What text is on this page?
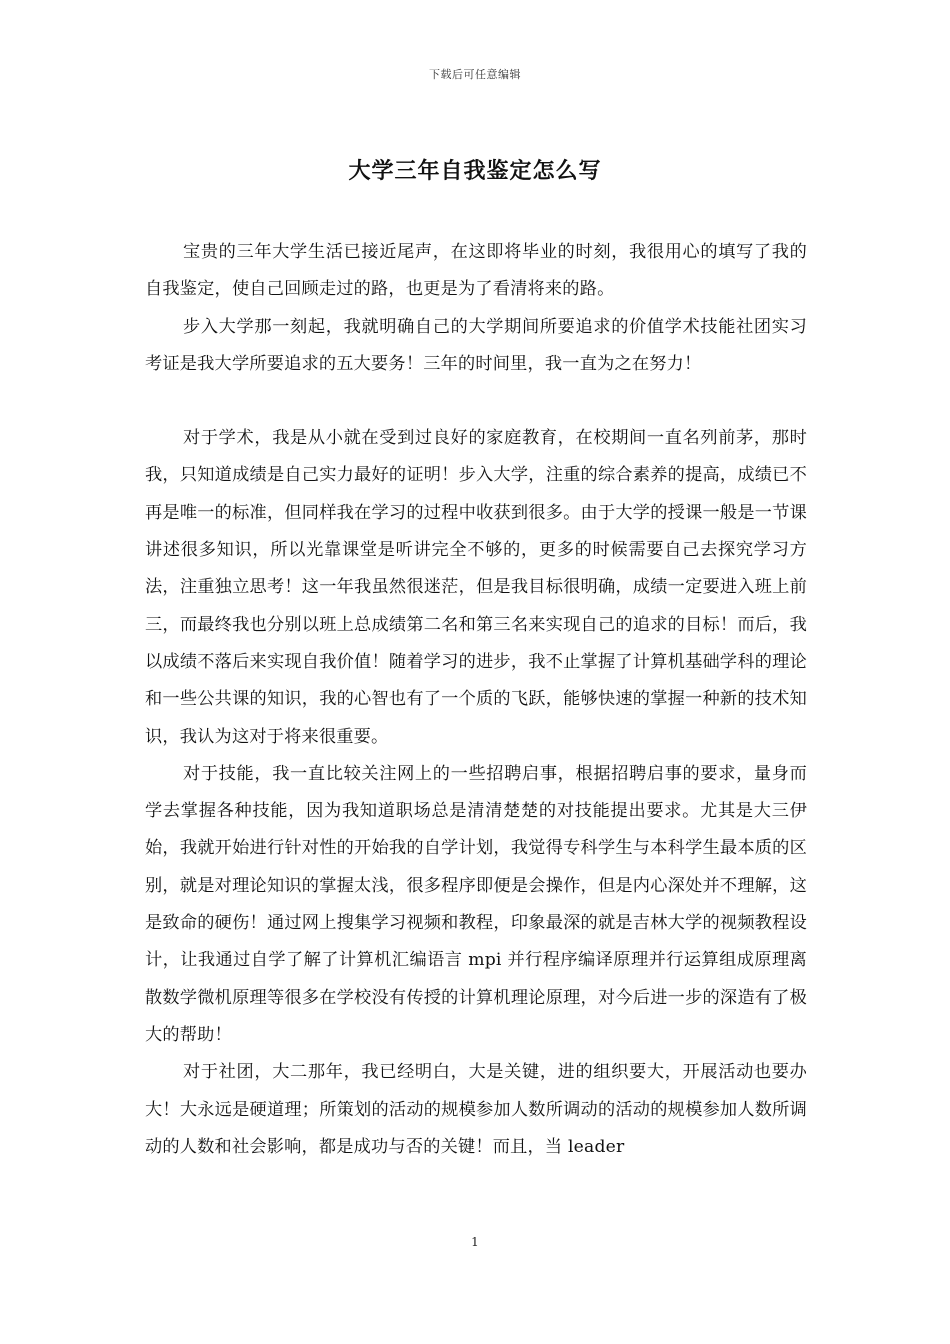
下载后可任意编辑
大学三年自我鉴定怎么写

宝贵的三年大学生活已接近尾声，在这即将毕业的时刻，我很用心的填写了我的自我鉴定，使自己回顾走过的路，也更是为了看清将来的路。

步入大学那一刻起，我就明确自己的大学期间所要追求的价值学术技能社团实习考证是我大学所要追求的五大要务！三年的时间里，我一直为之在努力！

对于学术，我是从小就在受到过良好的家庭教育，在校期间一直名列前茅，那时我，只知道成绩是自己实力最好的证明！步入大学，注重的综合素养的提高，成绩已不再是唯一的标准，但同样我在学习的过程中收获到很多。由于大学的授课一般是一节课讲述很多知识，所以光靠课堂是听讲完全不够的，更多的时候需要自己去探究学习方法，注重独立思考！这一年我虽然很迷茫，但是我目标很明确，成绩一定要进入班上前三，而最终我也分别以班上总成绩第二名和第三名来实现自己的追求的目标！而后，我以成绩不落后来实现自我价值！随着学习的进步，我不止掌握了计算机基础学科的理论和一些公共课的知识，我的心智也有了一个质的飞跃，能够快速的掌握一种新的技术知识，我认为这对于将来很重要。

对于技能，我一直比较关注网上的一些招聘启事，根据招聘启事的要求，量身而学去掌握各种技能，因为我知道职场总是清清楚楚的对技能提出要求。尤其是大三伊始，我就开始进行针对性的开始我的自学计划，我觉得专科学生与本科学生最本质的区别，就是对理论知识的掌握太浅，很多程序即便是会操作，但是内心深处并不理解，这是致命的硬伤！通过网上搜集学习视频和教程，印象最深的就是吉林大学的视频教程设计，让我通过自学了解了计算机汇编语言 mpi 并行程序编译原理并行运算组成原理离散数学微机原理等很多在学校没有传授的计算机理论原理，对今后进一步的深造有了极大的帮助！

对于社团，大二那年，我已经明白，大是关键，进的组织要大，开展活动也要办大！大永远是硬道理；所策划的活动的规模参加人数所调动的活动的规模参加人数所调动的人数和社会影响，都是成功与否的关键！而且，当 leader

1
